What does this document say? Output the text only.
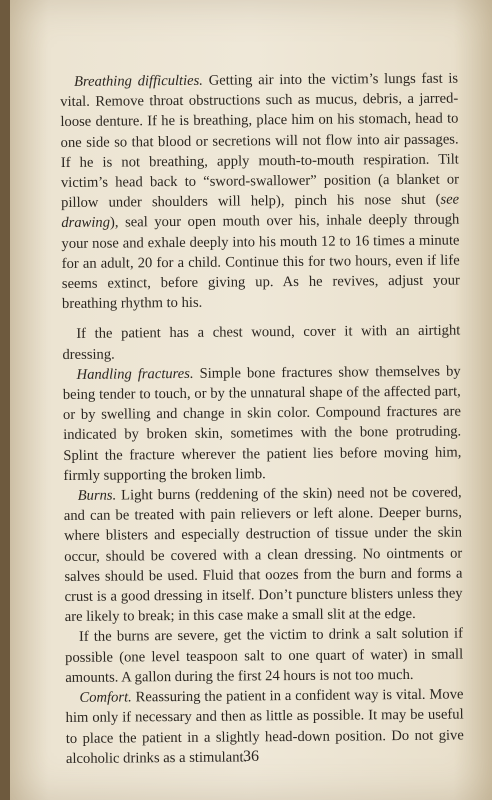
Breathing difficulties. Getting air into the victim’s lungs fast is vital. Remove throat obstructions such as mucus, debris, a jarred-loose denture. If he is breathing, place him on his stomach, head to one side so that blood or secretions will not flow into air passages. If he is not breathing, apply mouth-to-mouth respiration. Tilt victim’s head back to “sword-swallower” position (a blanket or pillow under shoulders will help), pinch his nose shut (see drawing), seal your open mouth over his, inhale deeply through your nose and exhale deeply into his mouth 12 to 16 times a minute for an adult, 20 for a child. Continue this for two hours, even if life seems extinct, before giving up. As he revives, adjust your breathing rhythm to his.

If the patient has a chest wound, cover it with an airtight dressing.

Handling fractures. Simple bone fractures show themselves by being tender to touch, or by the unnatural shape of the affected part, or by swelling and change in skin color. Compound fractures are indicated by broken skin, sometimes with the bone protruding. Splint the fracture wherever the patient lies before moving him, firmly supporting the broken limb.

Burns. Light burns (reddening of the skin) need not be covered, and can be treated with pain relievers or left alone. Deeper burns, where blisters and especially destruction of tissue under the skin occur, should be covered with a clean dressing. No ointments or salves should be used. Fluid that oozes from the burn and forms a crust is a good dressing in itself. Don’t puncture blisters unless they are likely to break; in this case make a small slit at the edge.

If the burns are severe, get the victim to drink a salt solution if possible (one level teaspoon salt to one quart of water) in small amounts. A gallon during the first 24 hours is not too much.

Comfort. Reassuring the patient in a confident way is vital. Move him only if necessary and then as little as possible. It may be useful to place the patient in a slightly head-down position. Do not give alcoholic drinks as a stimulant.

36
